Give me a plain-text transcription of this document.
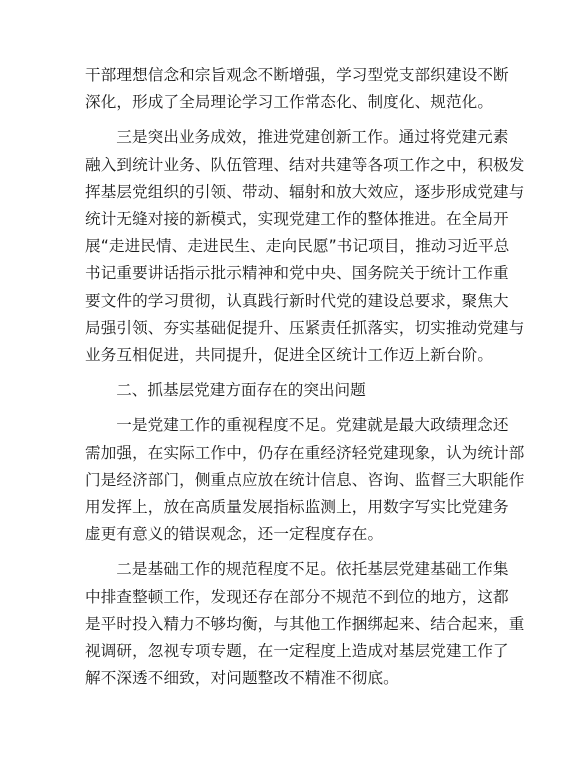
干部理想信念和宗旨观念不断增强，学习型党支部织建设不断
深化，形成了全局理论学习工作常态化、制度化、规范化。

三是突出业务成效，推进党建创新工作。通过将党建元素
融入到统计业务、队伍管理、结对共建等各项工作之中，积极发
挥基层党组织的引领、带动、辐射和放大效应，逐步形成党建与
统计无缝对接的新模式，实现党建工作的整体推进。在全局开
展“走进民情、走进民生、走向民愿”书记项目，推动习近平总
书记重要讲话指示批示精神和党中央、国务院关于统计工作重
要文件的学习贯彻，认真践行新时代党的建设总要求，聚焦大
局强引领、夯实基础促提升、压紧责任抓落实，切实推动党建与
业务互相促进，共同提升，促进全区统计工作迈上新台阶。

二、抓基层党建方面存在的突出问题

一是党建工作的重视程度不足。党建就是最大政绩理念还
需加强，在实际工作中，仍存在重经济轻党建现象，认为统计部
门是经济部门，侧重点应放在统计信息、咨询、监督三大职能作
用发挥上，放在高质量发展指标监测上，用数字写实比党建务
虚更有意义的错误观念，还一定程度存在。

二是基础工作的规范程度不足。依托基层党建基础工作集
中排查整顿工作，发现还存在部分不规范不到位的地方，这都
是平时投入精力不够均衡，与其他工作捆绑起来、结合起来，重
视调研，忽视专项专题，在一定程度上造成对基层党建工作了
解不深透不细致，对问题整改不精准不彻底。
